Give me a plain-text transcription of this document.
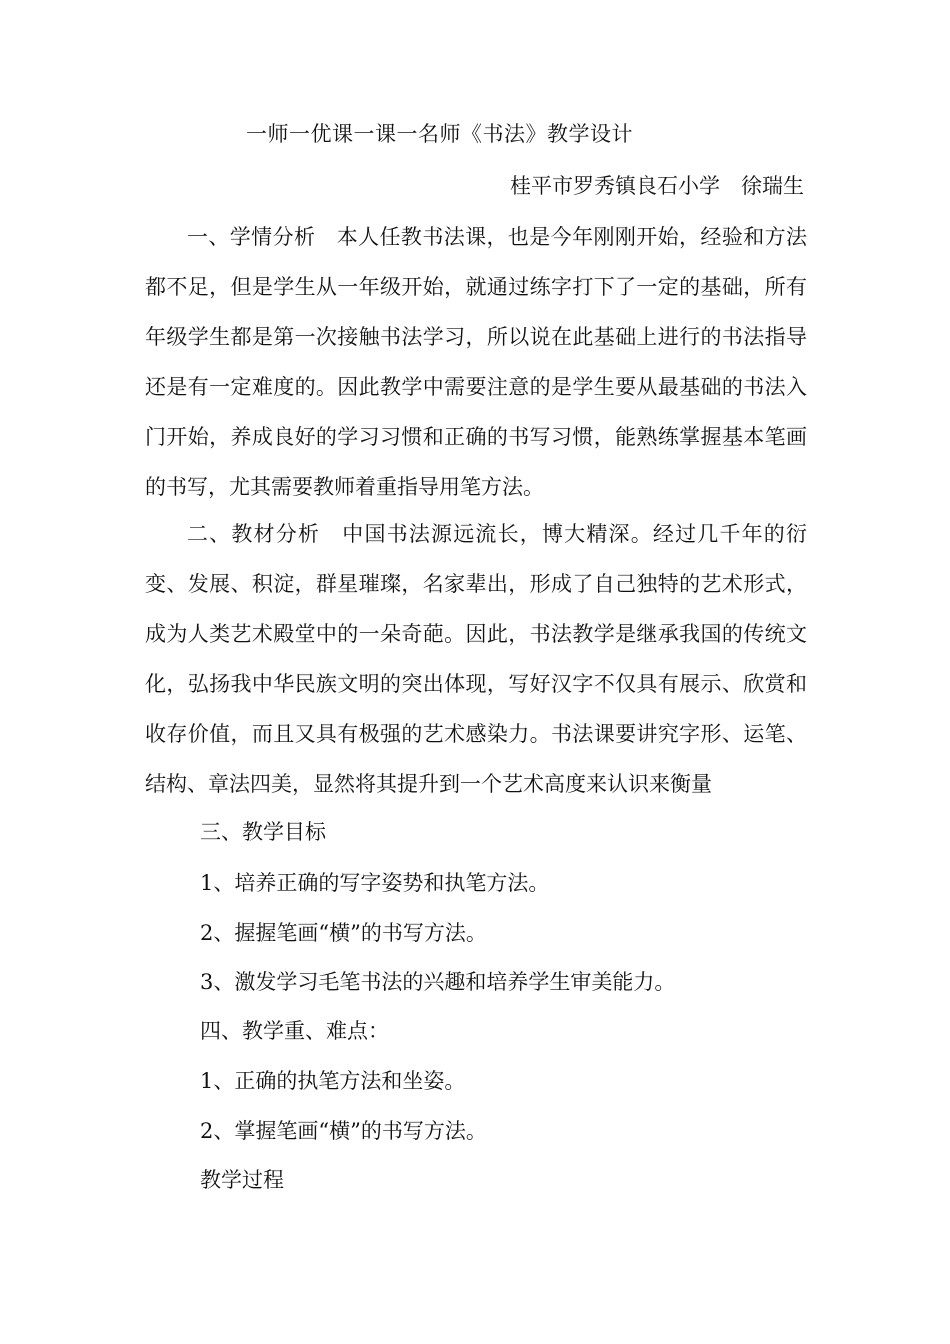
一师一优课一课一名师《书法》教学设计
桂平市罗秀镇良石小学　徐瑞生

一、学情分析　本人任教书法课，也是今年刚刚开始，经验和方法都不足，但是学生从一年级开始，就通过练字打下了一定的基础，所有年级学生都是第一次接触书法学习，所以说在此基础上进行的书法指导还是有一定难度的。因此教学中需要注意的是学生要从最基础的书法入门开始，养成良好的学习习惯和正确的书写习惯，能熟练掌握基本笔画的书写，尤其需要教师着重指导用笔方法。

二、教材分析　中国书法源远流长，博大精深。经过几千年的衍变、发展、积淀，群星璀璨，名家辈出，形成了自己独特的艺术形式，成为人类艺术殿堂中的一朵奇葩。因此，书法教学是继承我国的传统文化，弘扬我中华民族文明的突出体现，写好汉字不仅具有展示、欣赏和收存价值，而且又具有极强的艺术感染力。书法课要讲究字形、运笔、结构、章法四美，显然将其提升到一个艺术高度来认识来衡量

三、教学目标
1、培养正确的写字姿势和执笔方法。
2、握握笔画“横”的书写方法。
3、激发学习毛笔书法的兴趣和培养学生审美能力。
四、教学重、难点：
1、正确的执笔方法和坐姿。
2、掌握笔画“横”的书写方法。
教学过程
